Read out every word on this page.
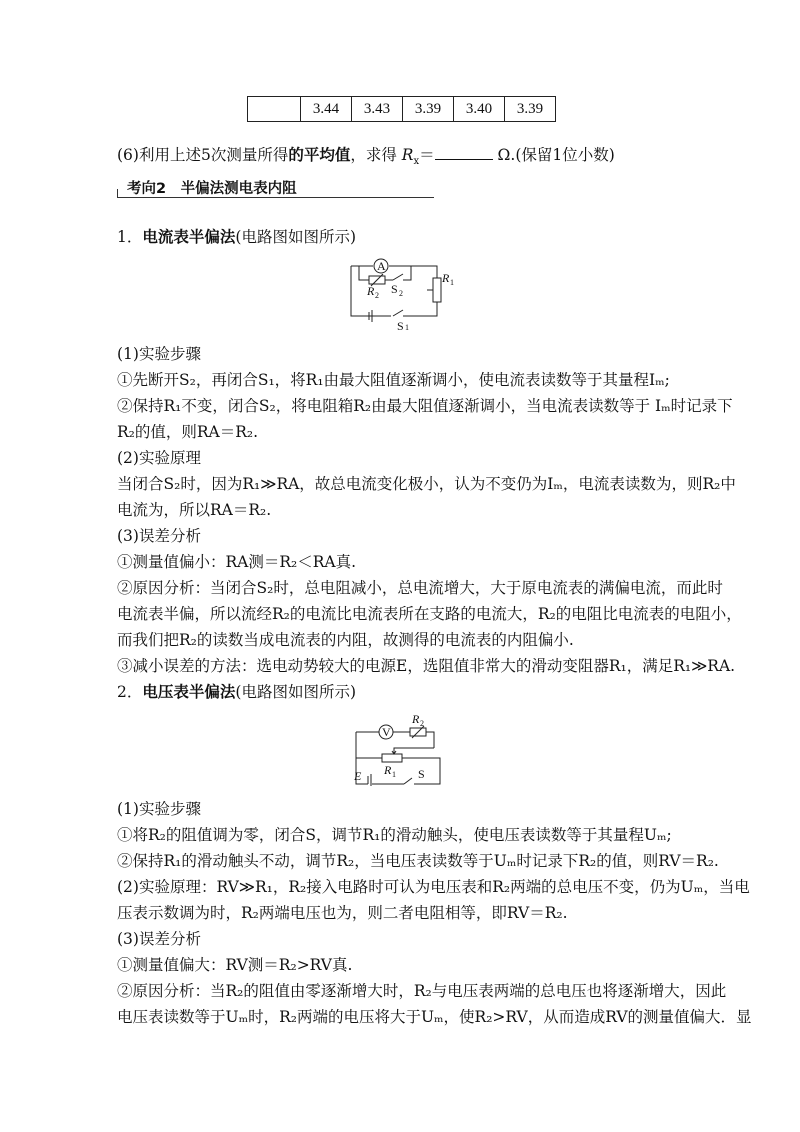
	3.44	3.43	3.39	3.40	3.39
(6)利用上述5次测量所得的平均值，求得 $R_x=$	Ω.(保留1位小数)
考向2　半偏法测电表内阻
1．电流表半偏法(电路图如图所示)
A
R 2 S 2
R 1
S 1
(1)实验步骤
①先断开S₂，再闭合S₁，将R₁由最大阻值逐渐调小，使电流表读数等于其量程Iₘ;
②保持R₁不变，闭合S₂，将电阻箱R₂由最大阻值逐渐调小，当电流表读数等于 Iₘ时记录下
R₂的值，则RA＝R₂.
(2)实验原理
当闭合S₂时，因为R₁≫RA，故总电流变化极小，认为不变仍为Iₘ，电流表读数为，则R₂中
电流为，所以RA＝R₂.
(3)误差分析
①测量值偏小：RA测＝R₂＜RA真.
②原因分析：当闭合S₂时，总电阻减小，总电流增大，大于原电流表的满偏电流，而此时
电流表半偏，所以流经R₂的电流比电流表所在支路的电流大，R₂的电阻比电流表的电阻小，
而我们把R₂的读数当成电流表的内阻，故测得的电流表的内阻偏小.
③减小误差的方法：选电动势较大的电源E，选阻值非常大的滑动变阻器R₁，满足R₁≫RA.
2．电压表半偏法(电路图如图所示)
V
R 2
R 1
E	S
(1)实验步骤
①将R₂的阻值调为零，闭合S，调节R₁的滑动触头，使电压表读数等于其量程Uₘ;
②保持R₁的滑动触头不动，调节R₂，当电压表读数等于Uₘ时记录下R₂的值，则RV＝R₂.
(2)实验原理：RV≫R₁，R₂接入电路时可认为电压表和R₂两端的总电压不变，仍为Uₘ，当电
压表示数调为时，R₂两端电压也为，则二者电阻相等，即RV＝R₂.
(3)误差分析
①测量值偏大：RV测＝R₂>RV真.
②原因分析：当R₂的阻值由零逐渐增大时，R₂与电压表两端的总电压也将逐渐增大，因此
电压表读数等于Uₘ时，R₂两端的电压将大于Uₘ，使R₂>RV，从而造成RV的测量值偏大．显
